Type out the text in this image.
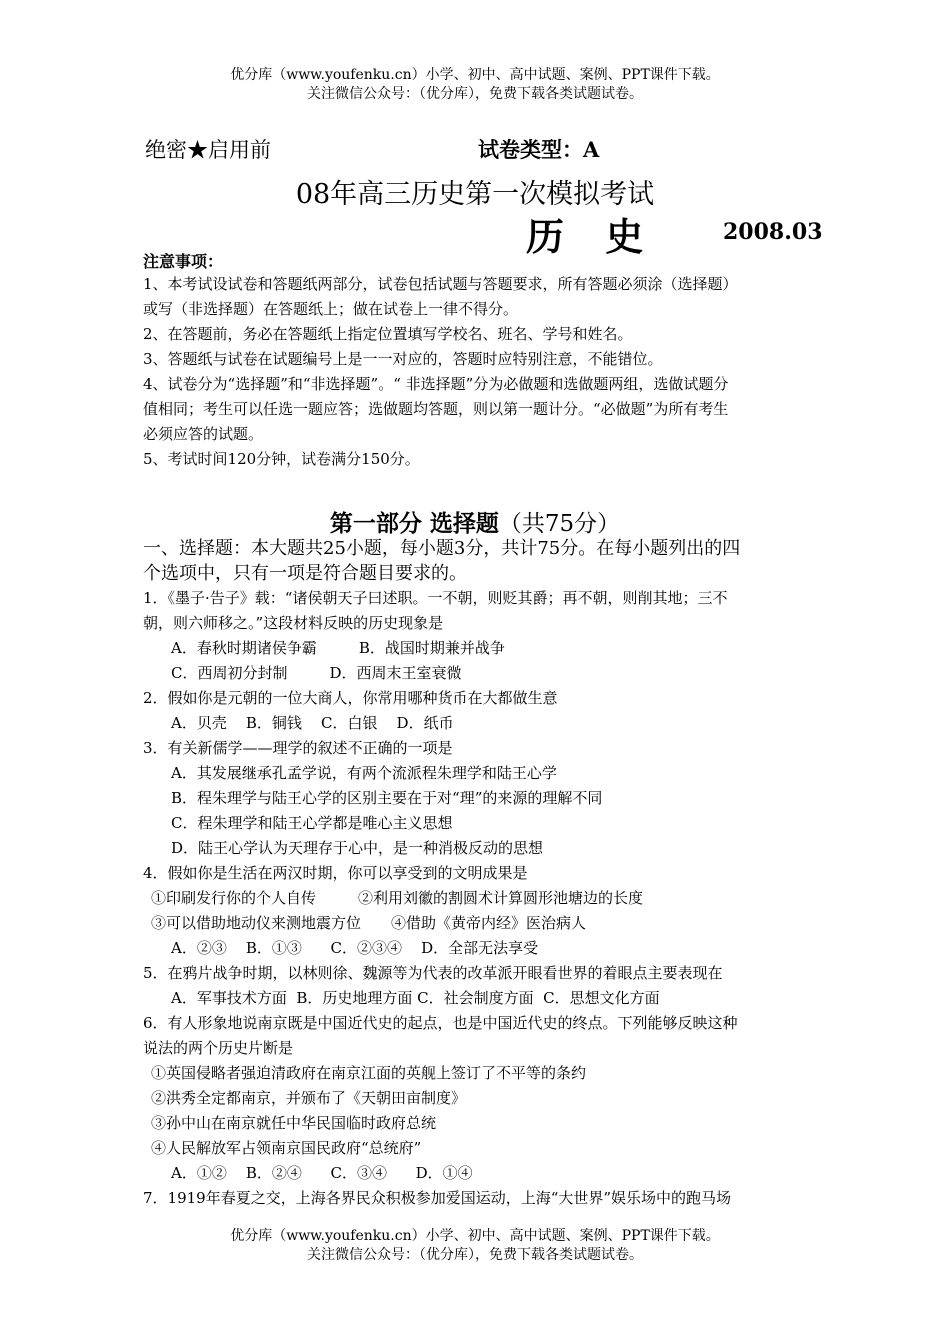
优分库（www.youfenku.cn）小学、初中、高中试题、案例、PPT课件下载。
关注微信公众号：（优分库），免费下载各类试题试卷。
绝密★启用前	试卷类型：A
08年高三历史第一次模拟考试
历 史	2008.03
注意事项：
1、本考试设试卷和答题纸两部分，试卷包括试题与答题要求，所有答题必须涂（选择题）
或写（非选择题）在答题纸上；做在试卷上一律不得分。
2、在答题前，务必在答题纸上指定位置填写学校名、班名、学号和姓名。
3、答题纸与试卷在试题编号上是一一对应的，答题时应特别注意，不能错位。
4、试卷分为“选择题”和“非选择题”。“ 非选择题”分为必做题和选做题两组，选做试题分
值相同；考生可以任选一题应答；选做题均答题，则以第一题计分。“必做题”为所有考生
必须应答的试题。
5、考试时间120分钟，试卷满分150分。
第一部分 选择题（共75分）
一、选择题：本大题共25小题，每小题3分，共计75分。在每小题列出的四
个选项中，只有一项是符合题目要求的。
1．《墨子·告子》载：“诸侯朝天子曰述职。一不朝，则贬其爵；再不朝，则削其地；三不
朝，则六师移之。”这段材料反映的历史现象是
A．春秋时期诸侯争霸	B．战国时期兼并战争
C．西周初分封制	D．西周末王室衰微
2．假如你是元朝的一位大商人，你常用哪种货币在大都做生意
A．贝壳    B．铜钱    C．白银    D．纸币
3．有关新儒学——理学的叙述不正确的一项是
A．其发展继承孔孟学说，有两个流派程朱理学和陆王心学
B．程朱理学与陆王心学的区别主要在于对“理”的来源的理解不同
C．程朱理学和陆王心学都是唯心主义思想
D．陆王心学认为天理存于心中，是一种消极反动的思想
4．假如你是生活在两汉时期，你可以享受到的文明成果是
①印刷发行你的个人自传	②利用刘徽的割圆术计算圆形池塘边的长度
③可以借助地动仪来测地震方位 ④借助《黄帝内经》医治病人
A．②③    B．①③      C．②③④    D．全部无法享受
5．在鸦片战争时期，以林则徐、魏源等为代表的改革派开眼看世界的着眼点主要表现在
A．军事技术方面  B．历史地理方面 C．社会制度方面  C．思想文化方面
6．有人形象地说南京既是中国近代史的起点，也是中国近代史的终点。下列能够反映这种
说法的两个历史片断是
①英国侵略者强迫清政府在南京江面的英舰上签订了不平等的条约
②洪秀全定都南京，并颁布了《天朝田亩制度》
③孙中山在南京就任中华民国临时政府总统
④人民解放军占领南京国民政府“总统府”
A．①②    B．②④      C．③④      D．①④
7．1919年春夏之交，上海各界民众积极参加爱国运动，上海“大世界”娱乐场中的跑马场
优分库（www.youfenku.cn）小学、初中、高中试题、案例、PPT课件下载。
关注微信公众号：（优分库），免费下载各类试题试卷。
